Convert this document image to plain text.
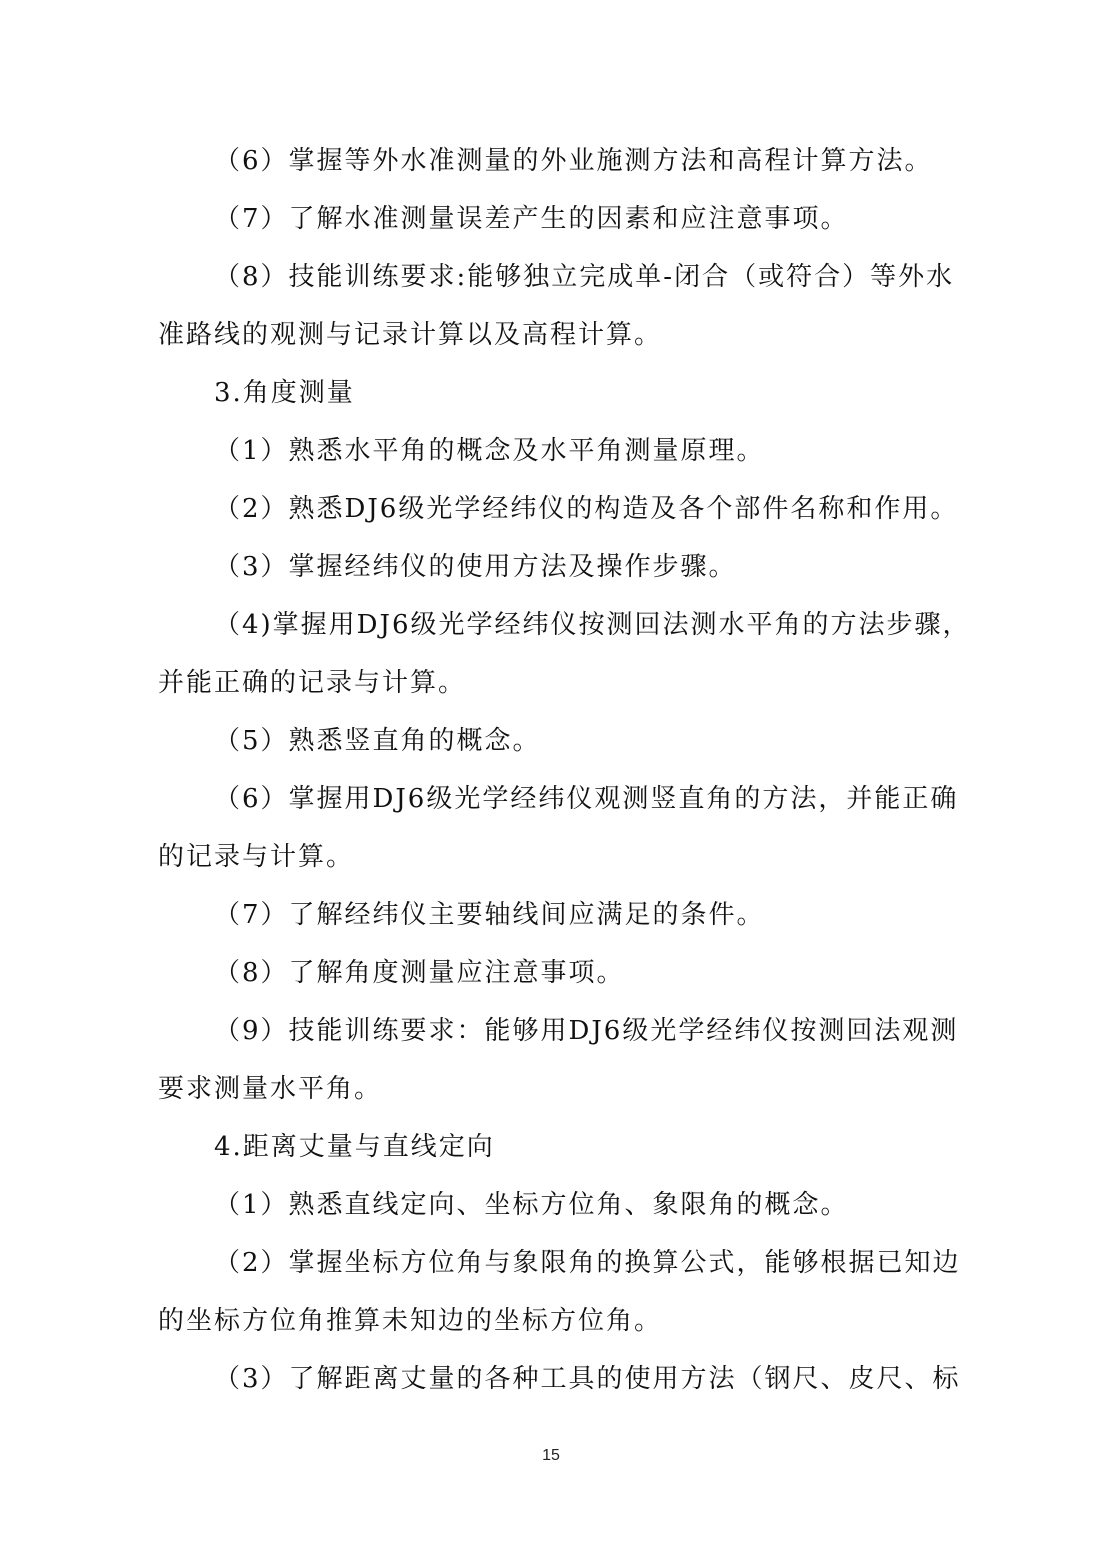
（6）掌握等外水准测量的外业施测方法和高程计算方法。
（7）了解水准测量误差产生的因素和应注意事项。
（8）技能训练要求:能够独立完成单-闭合（或符合）等外水
准路线的观测与记录计算以及高程计算。
3.角度测量
（1）熟悉水平角的概念及水平角测量原理。
（2）熟悉DJ6级光学经纬仪的构造及各个部件名称和作用。
（3）掌握经纬仪的使用方法及操作步骤。
（4)掌握用DJ6级光学经纬仪按测回法测水平角的方法步骤，
并能正确的记录与计算。
（5）熟悉竖直角的概念。
（6）掌握用DJ6级光学经纬仪观测竖直角的方法，并能正确
的记录与计算。
（7）了解经纬仪主要轴线间应满足的条件。
（8）了解角度测量应注意事项。
（9）技能训练要求：能够用DJ6级光学经纬仪按测回法观测
要求测量水平角。
4.距离丈量与直线定向
（1）熟悉直线定向、坐标方位角、象限角的概念。
（2）掌握坐标方位角与象限角的换算公式，能够根据已知边
的坐标方位角推算未知边的坐标方位角。
（3）了解距离丈量的各种工具的使用方法（钢尺、皮尺、标
15
